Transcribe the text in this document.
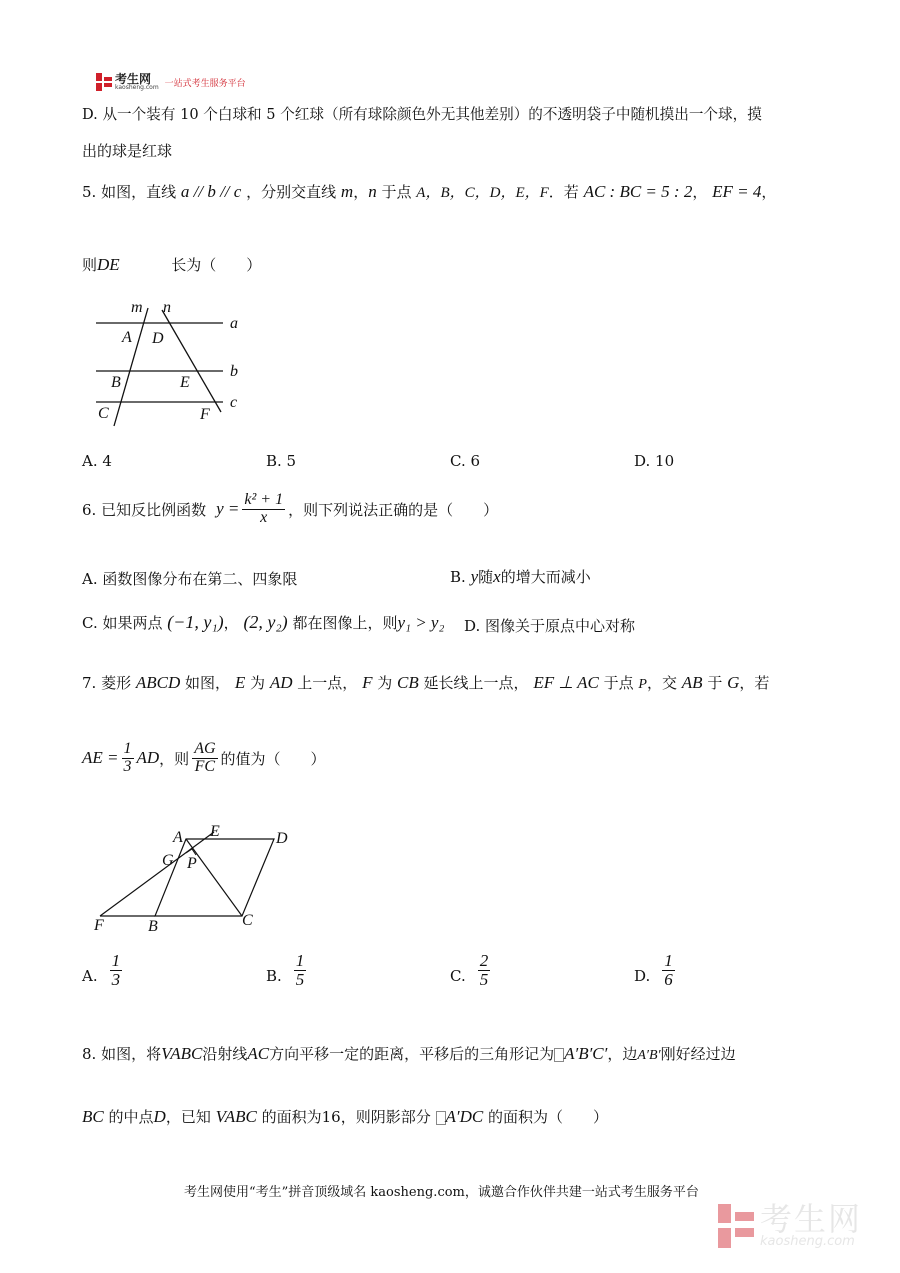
考生网
kaosheng.com 一站式考生服务平台
D. 从一个装有 10 个白球和 5 个红球（所有球除颜色外无其他差别）的不透明袋子中随机摸出一个球，摸
出的球是红球
5. 如图，直线 a // b // c ，分别交直线 m，n 于点 A，B，C，D，E，F．若 AC : BC = 5 : 2， EF = 4，
则DE	长为（　　）
m n
a
b
c
A D
B	E
C	F
A. 4	B. 5	C. 6	D. 10
6. 已知反比例函数 $y = \frac{\text{k² + 1}}{x}$ ，则下列说法正确的是（　　）
A. 函数图像分布在第二、四象限	B. y随x的增大而减小
C. 如果两点 (−1, y₁)， (2, y₂) 都在图像上，则y₁ > y₂ D. 图像关于原点中心对称
7. 菱形 ABCD 如图， E 为 AD 上一点， F 为 CB 延长线上一点， EF ⊥ AC 于点 P，交 AB 于 G，若
AE = $\frac{1}{3}$ AD ，则 $\frac{AG}{FC}$ 的值为（　　）
A E	D
G P
F	B	C
A. $\frac{1}{3}$	B. $\frac{1}{5}$	C. $\frac{2}{5}$	D. $\frac{1}{6}$
8. 如图，将VABC沿射线AC方向平移一定的距离，平移后的三角形记为 A′B′C′，边A′B′刚好经过边
BC 的中点D，已知 VABC 的面积为16，则阴影部分 A′DC 的面积为（　　）
考生网使用“考生”拼音顶级域名 kaosheng.com，诚邀合作伙伴共建一站式考生服务平台
考生网
kaosheng.com
